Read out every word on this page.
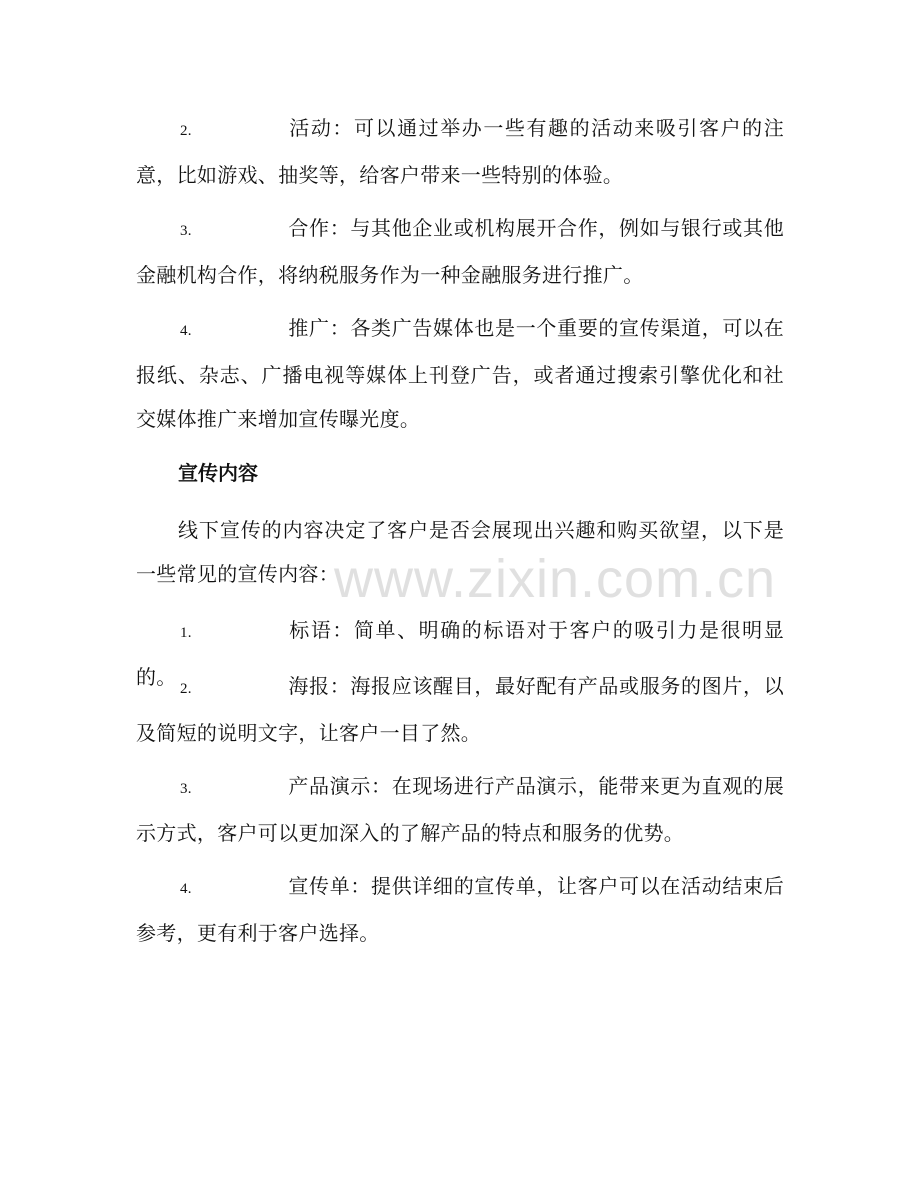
2.	活动：可以通过举办一些有趣的活动来吸引客户的注意，比如游戏、抽奖等，给客户带来一些特别的体验。

3.	合作：与其他企业或机构展开合作，例如与银行或其他金融机构合作，将纳税服务作为一种金融服务进行推广。

4.	推广：各类广告媒体也是一个重要的宣传渠道，可以在报纸、杂志、广播电视等媒体上刊登广告，或者通过搜索引擎优化和社交媒体推广来增加宣传曝光度。

宣传内容

线下宣传的内容决定了客户是否会展现出兴趣和购买欲望，以下是一些常见的宣传内容：

1.	标语：简单、明确的标语对于客户的吸引力是很明显的。 2.	海报：海报应该醒目，最好配有产品或服务的图片，以及简短的说明文字，让客户一目了然。

3.	产品演示：在现场进行产品演示，能带来更为直观的展示方式，客户可以更加深入的了解产品的特点和服务的优势。

4.	宣传单：提供详细的宣传单，让客户可以在活动结束后参考，更有利于客户选择。

www.zixin.com.cn
